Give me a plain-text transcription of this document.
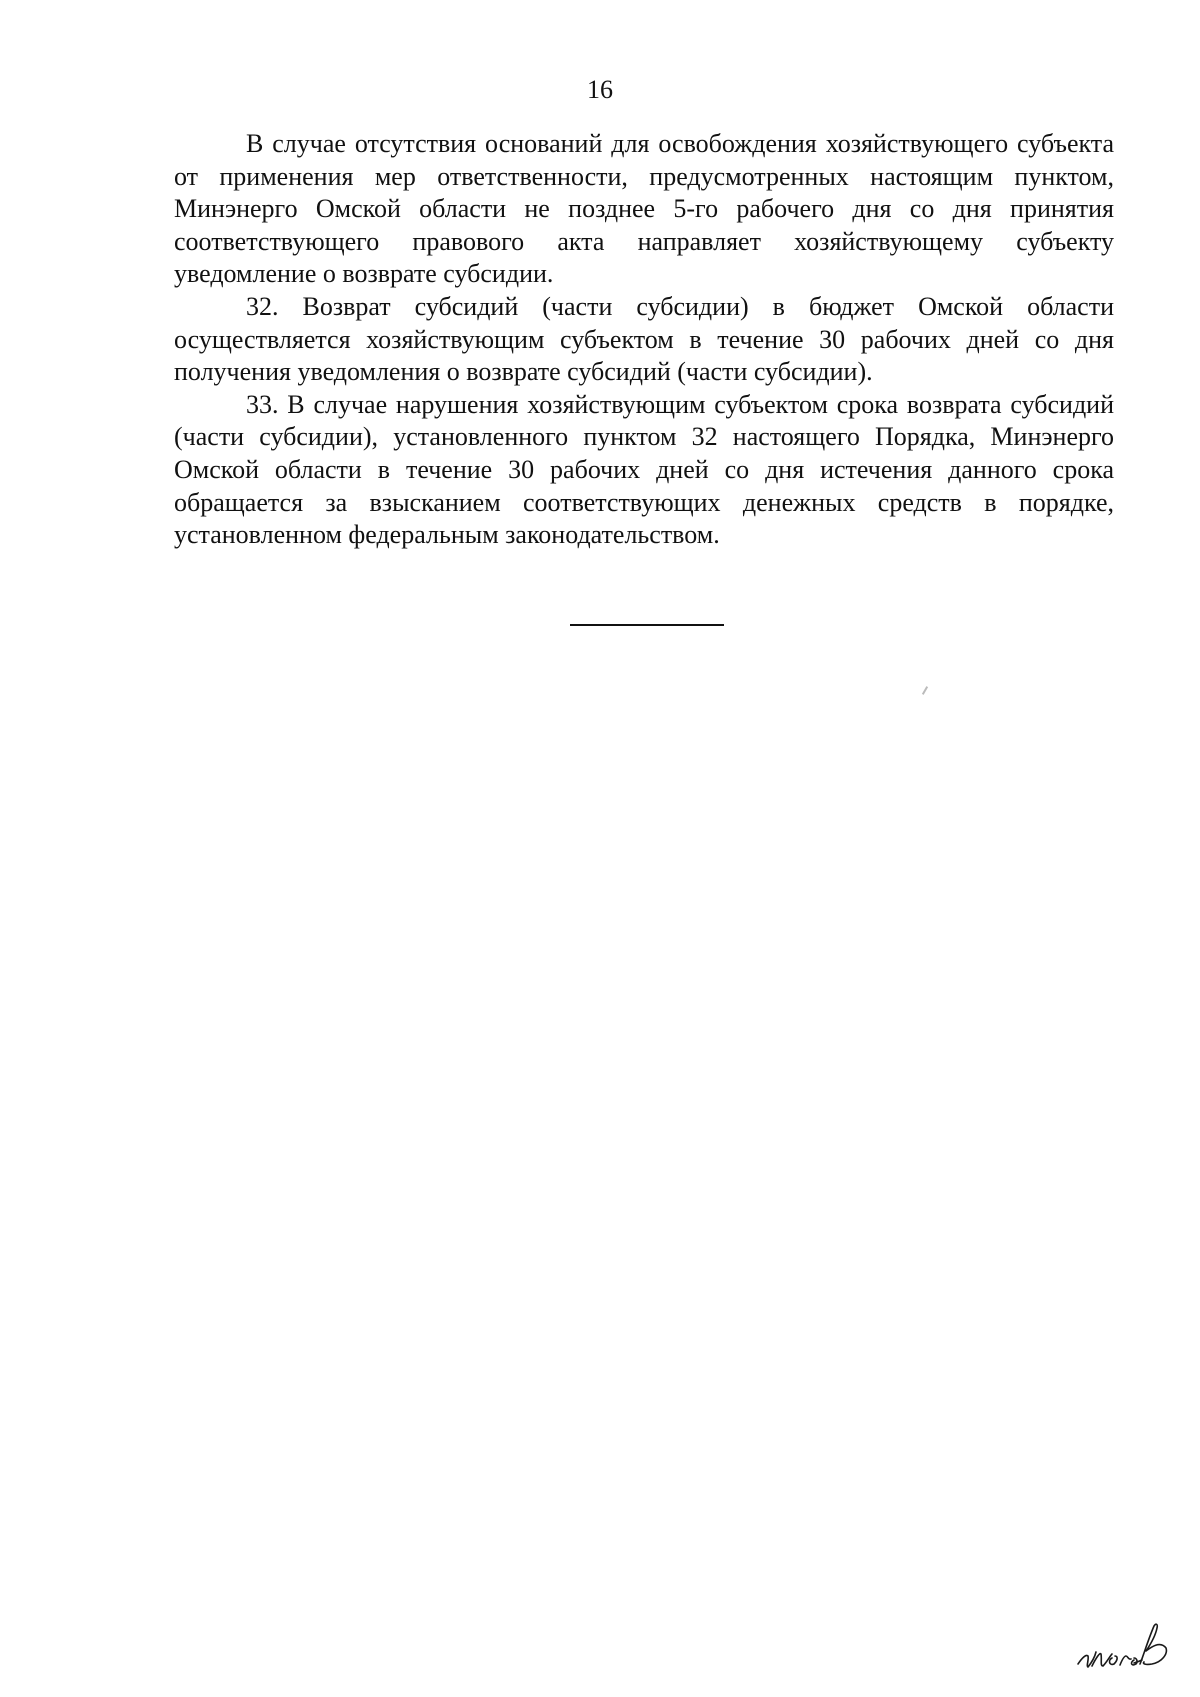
16

В случае отсутствия оснований для освобождения хозяйствующего субъекта от применения мер ответственности, предусмотренных настоящим пунктом, Минэнерго Омской области не позднее 5-го рабочего дня со дня принятия соответствующего правового акта направляет хозяйствующему субъекту уведомление о возврате субсидии.

32. Возврат субсидий (части субсидии) в бюджет Омской области осуществляется хозяйствующим субъектом в течение 30 рабочих дней со дня получения уведомления о возврате субсидий (части субсидии).

33. В случае нарушения хозяйствующим субъектом срока возврата субсидий (части субсидии), установленного пунктом 32 настоящего Порядка, Минэнерго Омской области в течение 30 рабочих дней со дня истечения данного срока обращается за взысканием соответствующих денежных средств в порядке, установленном федеральным законодательством.
